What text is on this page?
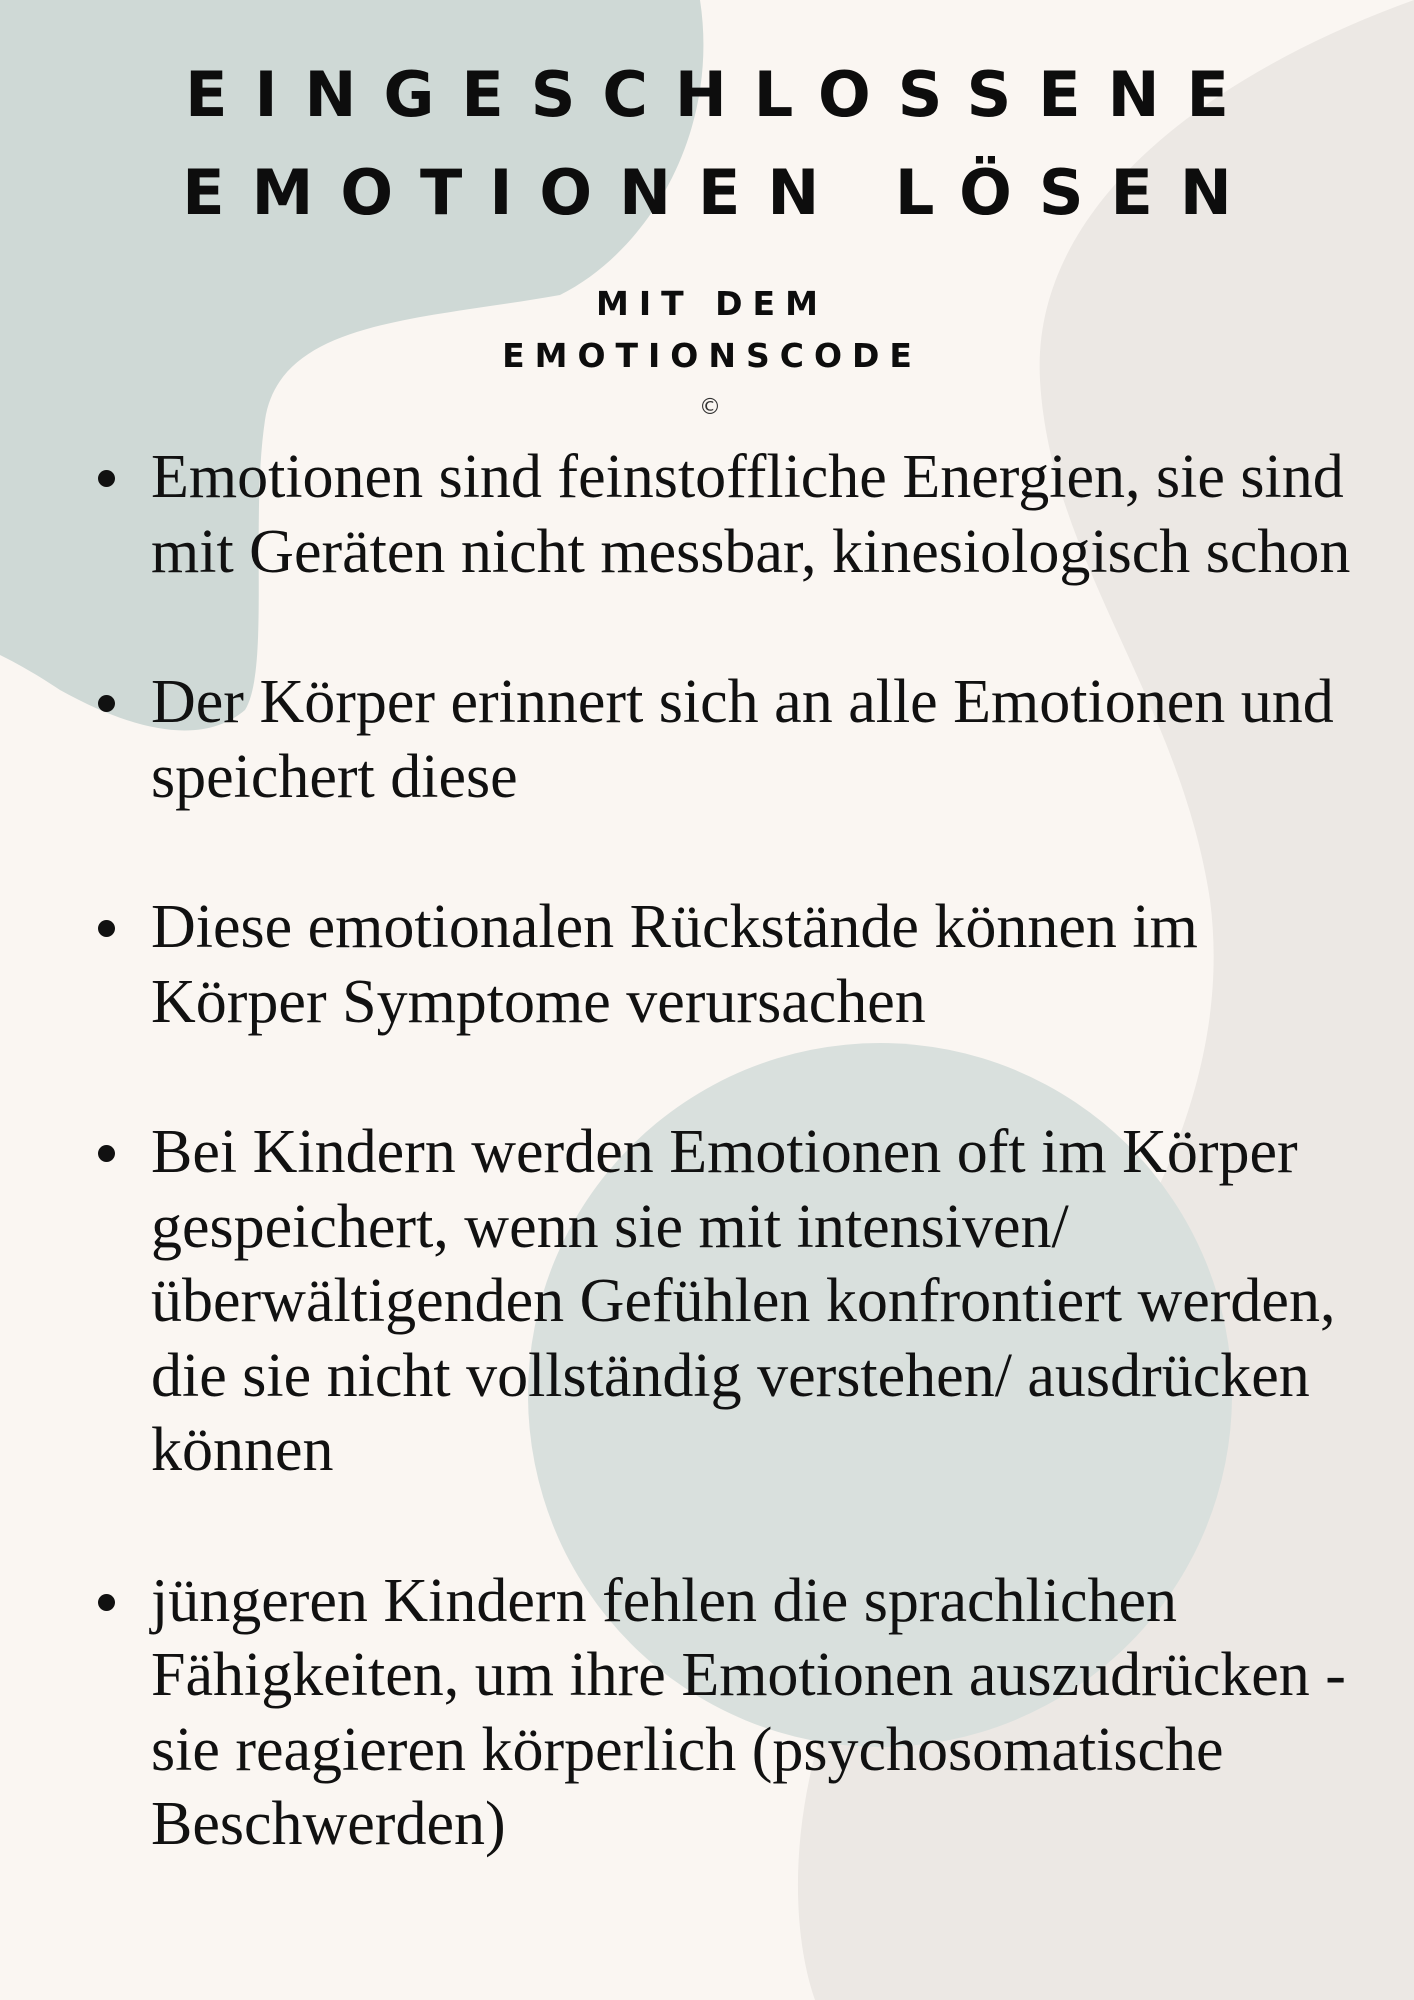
EINGESCHLOSSENE
EMOTIONEN LÖSEN
MIT DEM
EMOTIONSCODE
©
Emotionen sind feinstoffliche Energien, sie sind mit Geräten nicht messbar, kinesiologisch schon
Der Körper erinnert sich an alle Emotionen und speichert diese
Diese emotionalen Rückstände können im Körper Symptome verursachen
Bei Kindern werden Emotionen oft im Körper gespeichert, wenn sie mit intensiven/ überwältigenden Gefühlen konfrontiert werden, die sie nicht vollständig verstehen/ ausdrücken können
jüngeren Kindern fehlen die sprachlichen Fähigkeiten, um ihre Emotionen auszudrücken - sie reagieren körperlich (psychosomatische Beschwerden)
